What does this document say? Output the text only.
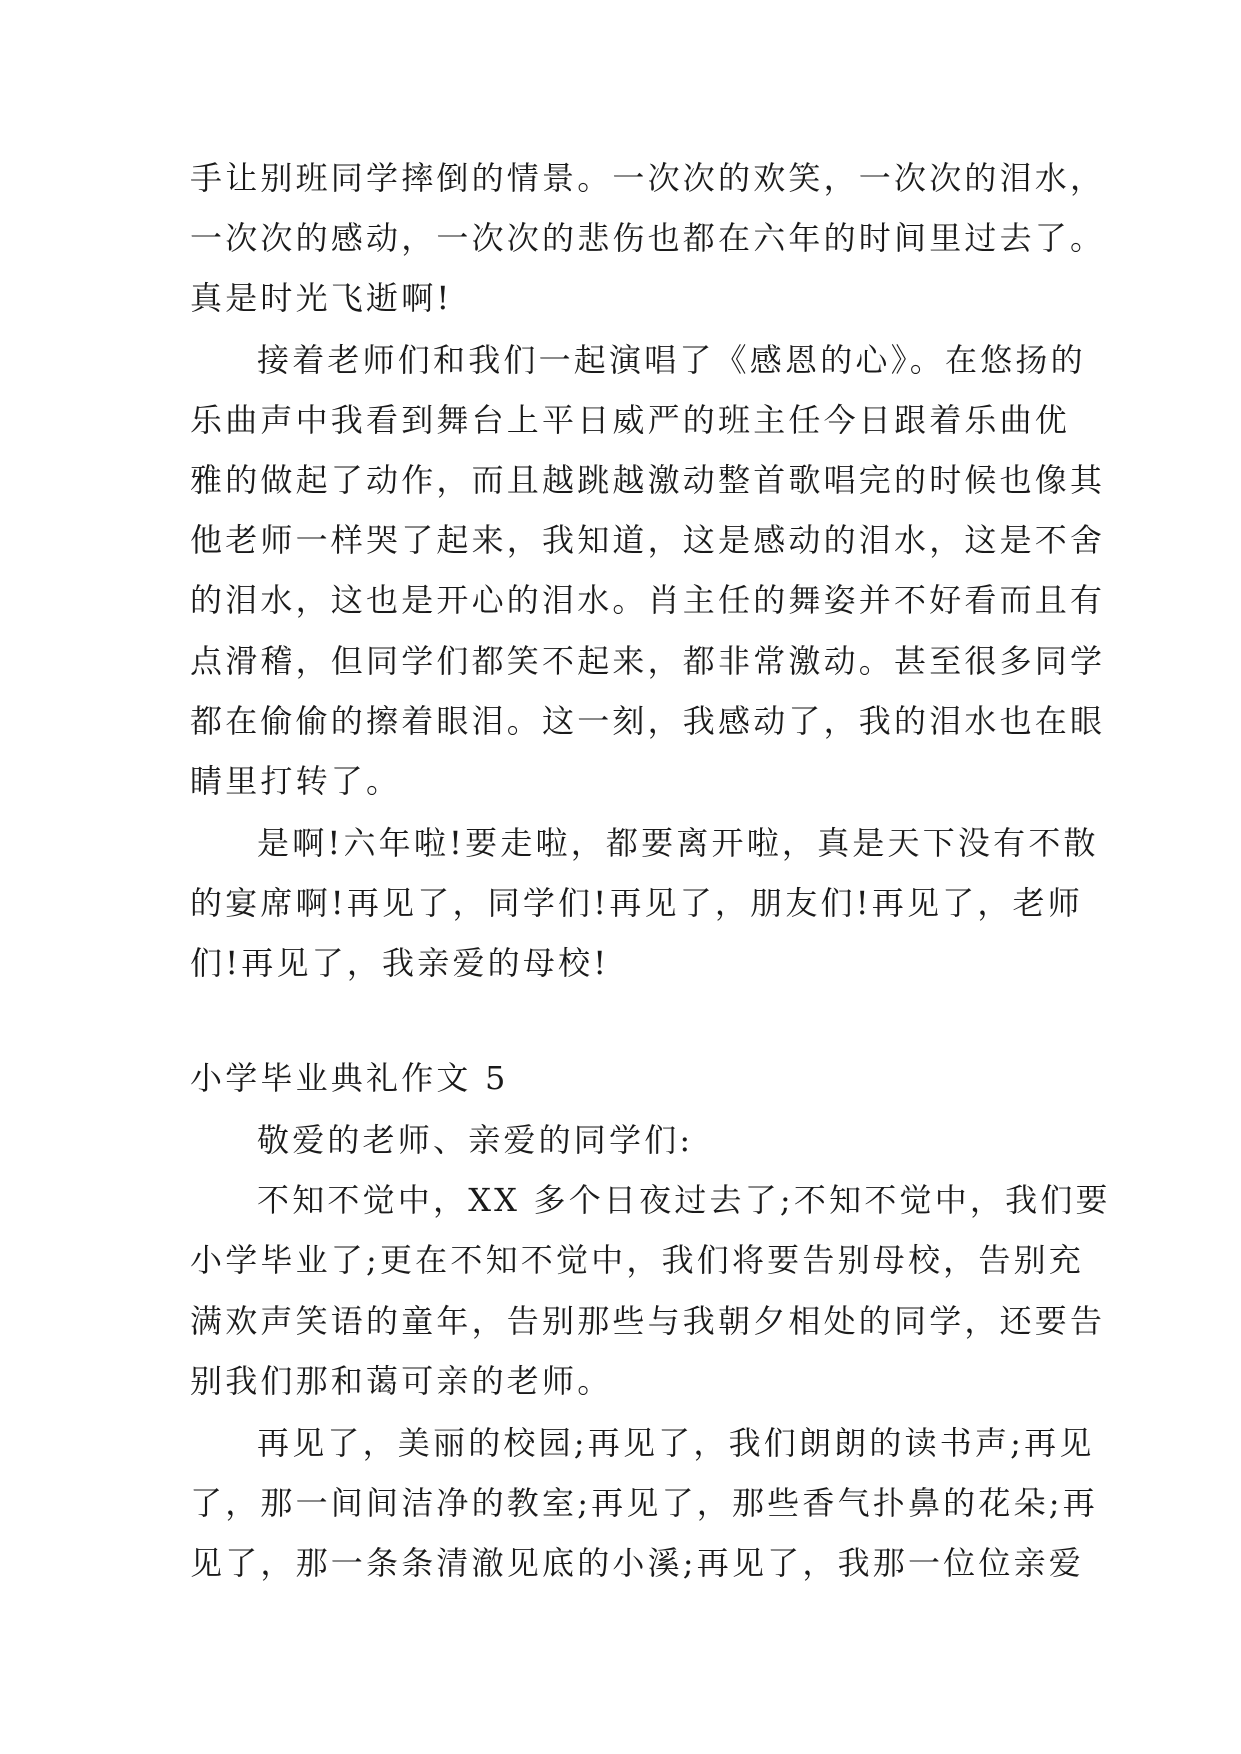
手让别班同学摔倒的情景。一次次的欢笑，一次次的泪水，

一次次的感动，一次次的悲伤也都在六年的时间里过去了。

真是时光飞逝啊!

接着老师们和我们一起演唱了《感恩的心》。在悠扬的

乐曲声中我看到舞台上平日威严的班主任今日跟着乐曲优

雅的做起了动作，而且越跳越激动整首歌唱完的时候也像其

他老师一样哭了起来，我知道，这是感动的泪水，这是不舍

的泪水，这也是开心的泪水。肖主任的舞姿并不好看而且有

点滑稽，但同学们都笑不起来，都非常激动。甚至很多同学

都在偷偷的擦着眼泪。这一刻，我感动了，我的泪水也在眼

睛里打转了。

是啊!六年啦!要走啦，都要离开啦，真是天下没有不散

的宴席啊!再见了，同学们!再见了，朋友们!再见了，老师

们!再见了，我亲爱的母校!

小学毕业典礼作文 5

敬爱的老师、亲爱的同学们:

不知不觉中，XX 多个日夜过去了;不知不觉中，我们要

小学毕业了;更在不知不觉中，我们将要告别母校，告别充

满欢声笑语的童年，告别那些与我朝夕相处的同学，还要告

别我们那和蔼可亲的老师。

再见了，美丽的校园;再见了，我们朗朗的读书声;再见

了，那一间间洁净的教室;再见了，那些香气扑鼻的花朵;再

见了，那一条条清澈见底的小溪;再见了，我那一位位亲爱
